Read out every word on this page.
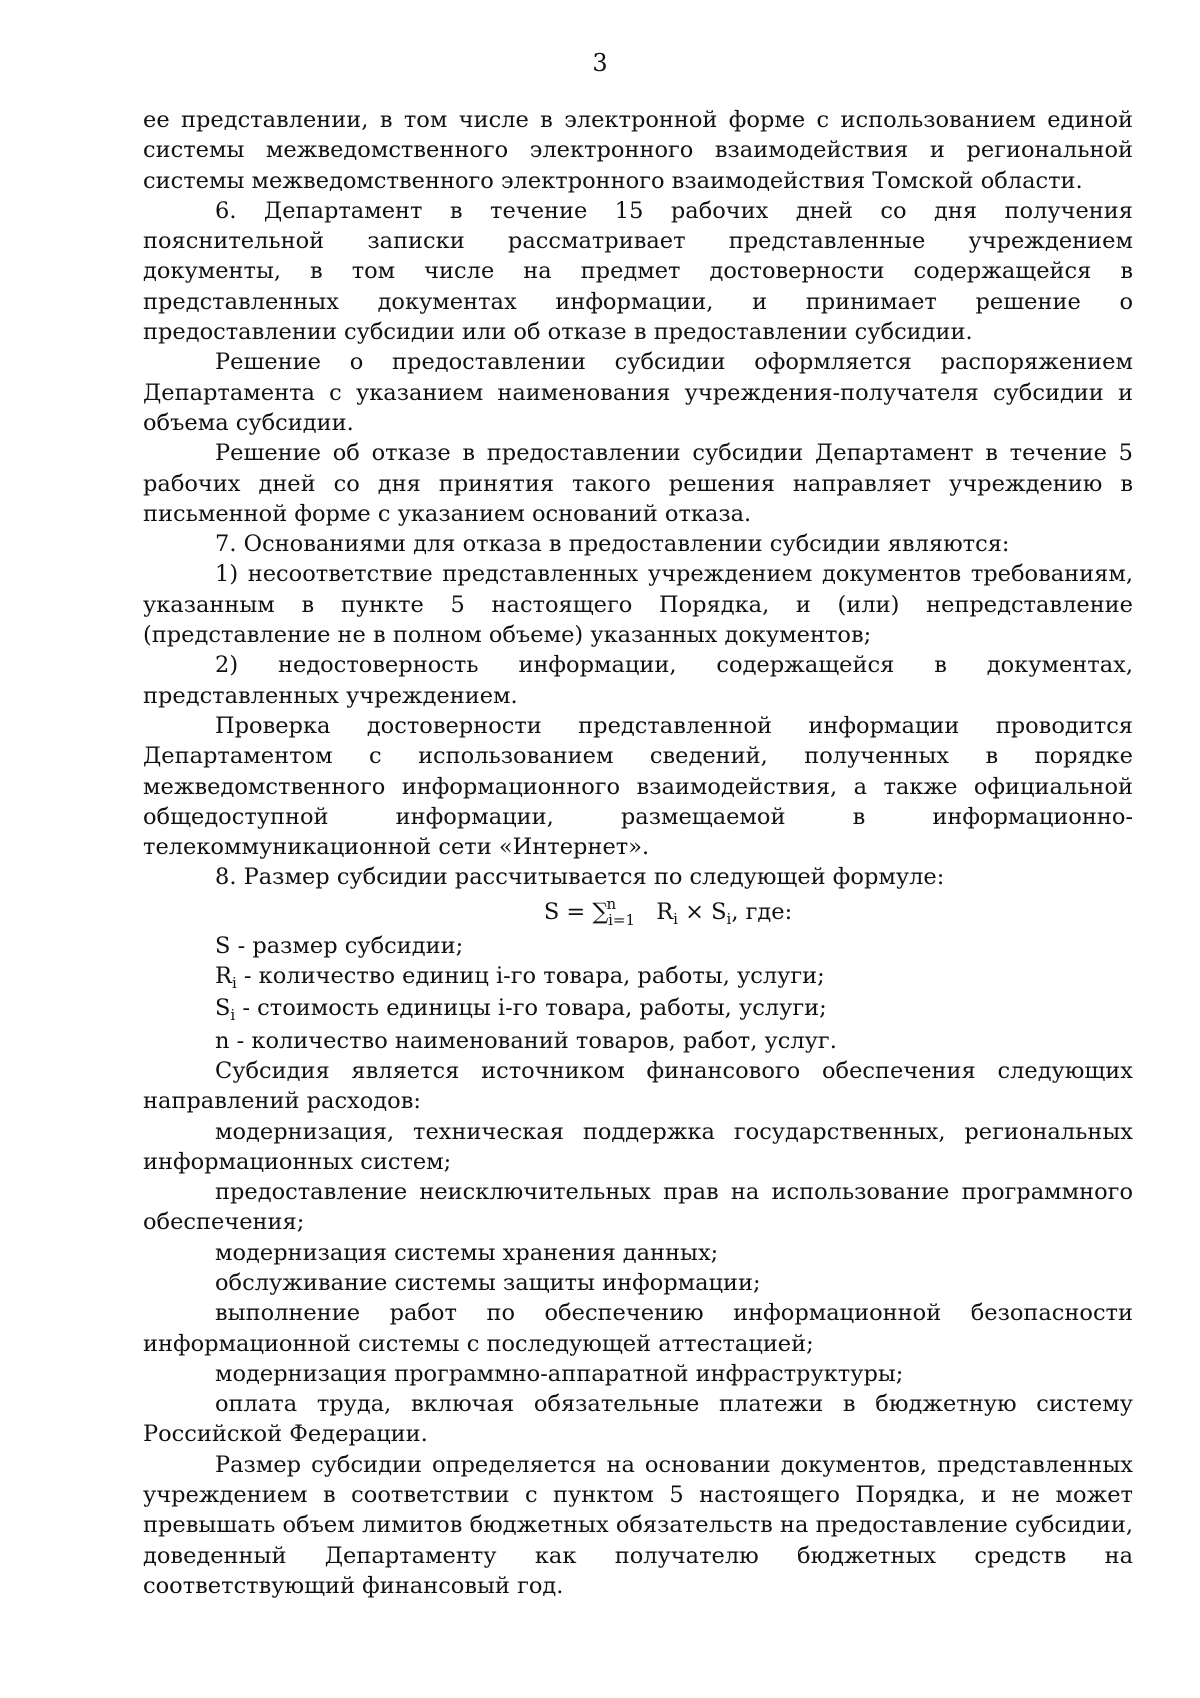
3

ее представлении, в том числе в электронной форме с использованием единой системы межведомственного электронного взаимодействия и региональной системы межведомственного электронного взаимодействия Томской области.

6. Департамент в течение 15 рабочих дней со дня получения пояснительной записки рассматривает представленные учреждением документы, в том числе на предмет достоверности содержащейся в представленных документах информации, и принимает решение о предоставлении субсидии или об отказе в предоставлении субсидии.

Решение о предоставлении субсидии оформляется распоряжением Департамента с указанием наименования учреждения-получателя субсидии и объема субсидии.

Решение об отказе в предоставлении субсидии Департамент в течение 5 рабочих дней со дня принятия такого решения направляет учреждению в письменной форме с указанием оснований отказа.

7. Основаниями для отказа в предоставлении субсидии являются:

1) несоответствие представленных учреждением документов требованиям, указанным в пункте 5 настоящего Порядка, и (или) непредставление (представление не в полном объеме) указанных документов;

2) недостоверность информации, содержащейся в документах, представленных учреждением.

Проверка достоверности представленной информации проводится Департаментом с использованием сведений, полученных в порядке межведомственного информационного взаимодействия, а также официальной общедоступной информации, размещаемой в информационно-телекоммуникационной сети «Интернет».

8. Размер субсидии рассчитывается по следующей формуле:

S = ∑$^n_{i=1}$ $R_i \times S_i$, где:

S - размер субсидии;

$R_i$ - количество единиц i-го товара, работы, услуги;

$S_i$ - стоимость единицы i-го товара, работы, услуги;

n - количество наименований товаров, работ, услуг.

Субсидия является источником финансового обеспечения следующих направлений расходов:

модернизация, техническая поддержка государственных, региональных информационных систем;

предоставление неисключительных прав на использование программного обеспечения;

модернизация системы хранения данных;

обслуживание системы защиты информации;

выполнение работ по обеспечению информационной безопасности информационной системы с последующей аттестацией;

модернизация программно-аппаратной инфраструктуры;

оплата труда, включая обязательные платежи в бюджетную систему Российской Федерации.

Размер субсидии определяется на основании документов, представленных учреждением в соответствии с пунктом 5 настоящего Порядка, и не может превышать объем лимитов бюджетных обязательств на предоставление субсидии, доведенный Департаменту как получателю бюджетных средств на соответствующий финансовый год.
